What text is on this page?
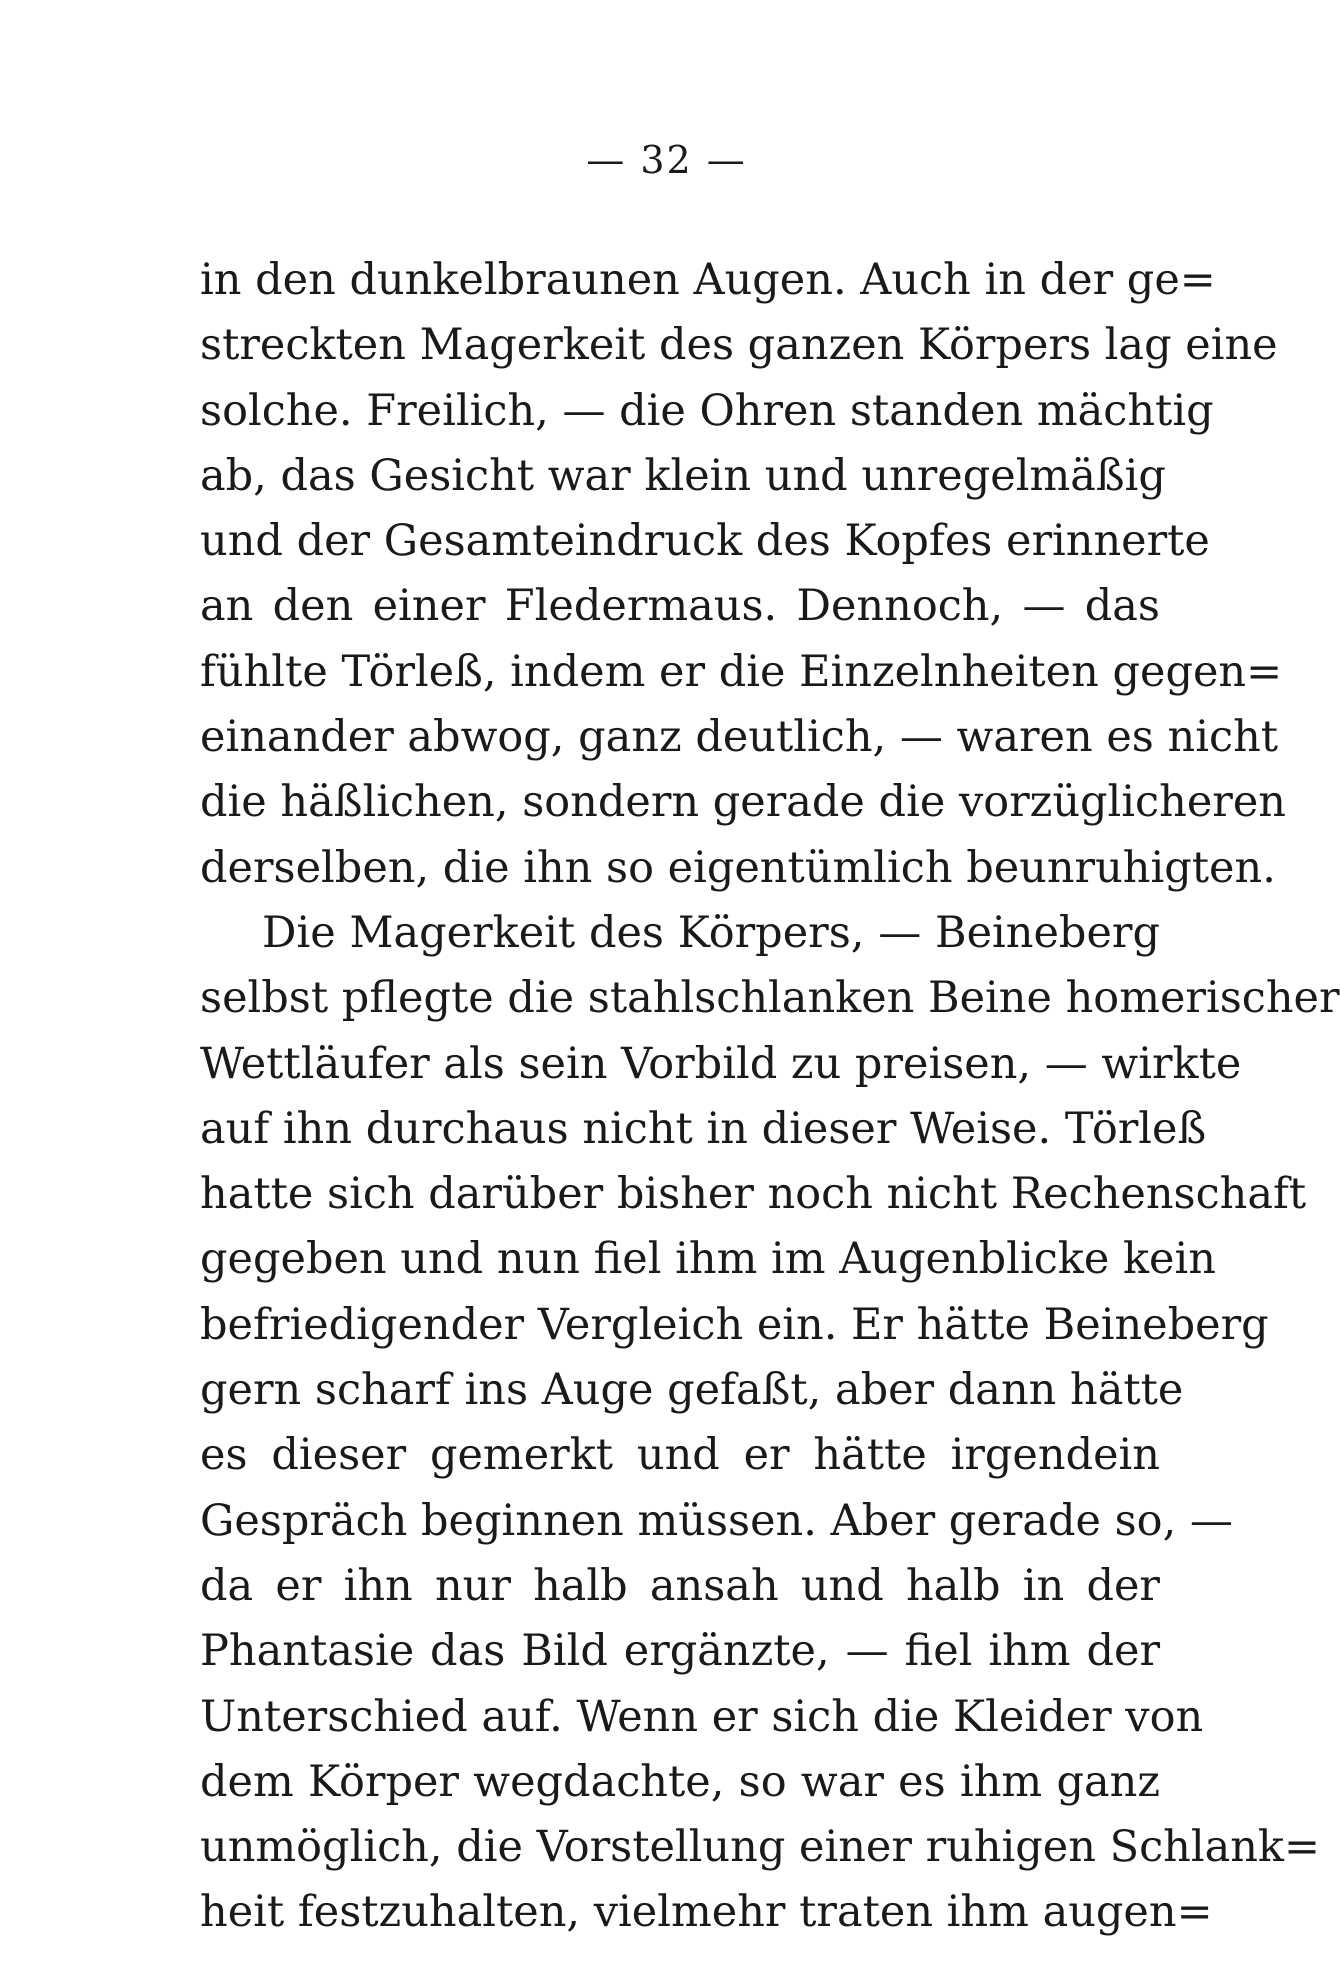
— 32 —
in den dunkelbraunen Augen. Auch in der ge=
streckten Magerkeit des ganzen Körpers lag eine
solche. Freilich, — die Ohren standen mächtig
ab, das Gesicht war klein und unregelmäßig
und der Gesamteindruck des Kopfes erinnerte
an den einer Fledermaus. Dennoch, — das
fühlte Törleß, indem er die Einzelnheiten gegen=
einander abwog, ganz deutlich, — waren es nicht
die häßlichen, sondern gerade die vorzüglicheren
derselben, die ihn so eigentümlich beunruhigten.
Die Magerkeit des Körpers, — Beineberg
selbst pflegte die stahlschlanken Beine homerischer
Wettläufer als sein Vorbild zu preisen, — wirkte
auf ihn durchaus nicht in dieser Weise. Törleß
hatte sich darüber bisher noch nicht Rechenschaft
gegeben und nun fiel ihm im Augenblicke kein
befriedigender Vergleich ein. Er hätte Beineberg
gern scharf ins Auge gefaßt, aber dann hätte
es dieser gemerkt und er hätte irgendein
Gespräch beginnen müssen. Aber gerade so, —
da er ihn nur halb ansah und halb in der
Phantasie das Bild ergänzte, — fiel ihm der
Unterschied auf. Wenn er sich die Kleider von
dem Körper wegdachte, so war es ihm ganz
unmöglich, die Vorstellung einer ruhigen Schlank=
heit festzuhalten, vielmehr traten ihm augen=
